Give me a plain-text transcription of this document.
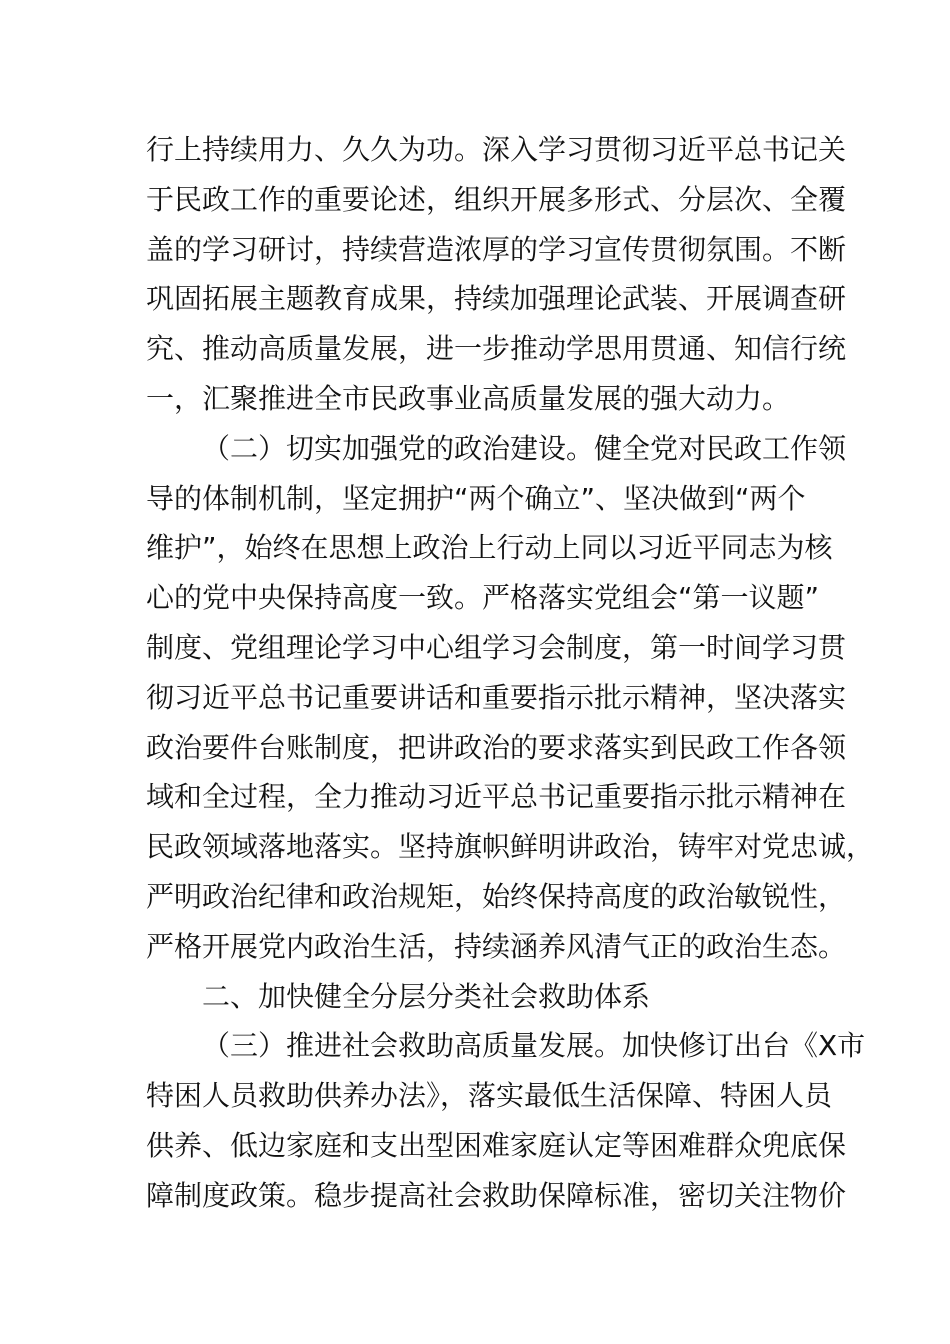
行上持续用力、久久为功。深入学习贯彻习近平总书记关
于民政工作的重要论述，组织开展多形式、分层次、全覆
盖的学习研讨，持续营造浓厚的学习宣传贯彻氛围。不断
巩固拓展主题教育成果，持续加强理论武装、开展调查研
究、推动高质量发展，进一步推动学思用贯通、知信行统
一，汇聚推进全市民政事业高质量发展的强大动力。
（二）切实加强党的政治建设。健全党对民政工作领
导的体制机制，坚定拥护“两个确立”、坚决做到“两个
维护”，始终在思想上政治上行动上同以习近平同志为核
心的党中央保持高度一致。严格落实党组会“第一议题”
制度、党组理论学习中心组学习会制度，第一时间学习贯
彻习近平总书记重要讲话和重要指示批示精神，坚决落实
政治要件台账制度，把讲政治的要求落实到民政工作各领
域和全过程，全力推动习近平总书记重要指示批示精神在
民政领域落地落实。坚持旗帜鲜明讲政治，铸牢对党忠诚，
严明政治纪律和政治规矩，始终保持高度的政治敏锐性，
严格开展党内政治生活，持续涵养风清气正的政治生态。
二、加快健全分层分类社会救助体系
（三）推进社会救助高质量发展。加快修订出台《X市
特困人员救助供养办法》，落实最低生活保障、特困人员
供养、低边家庭和支出型困难家庭认定等困难群众兜底保
障制度政策。稳步提高社会救助保障标准，密切关注物价
